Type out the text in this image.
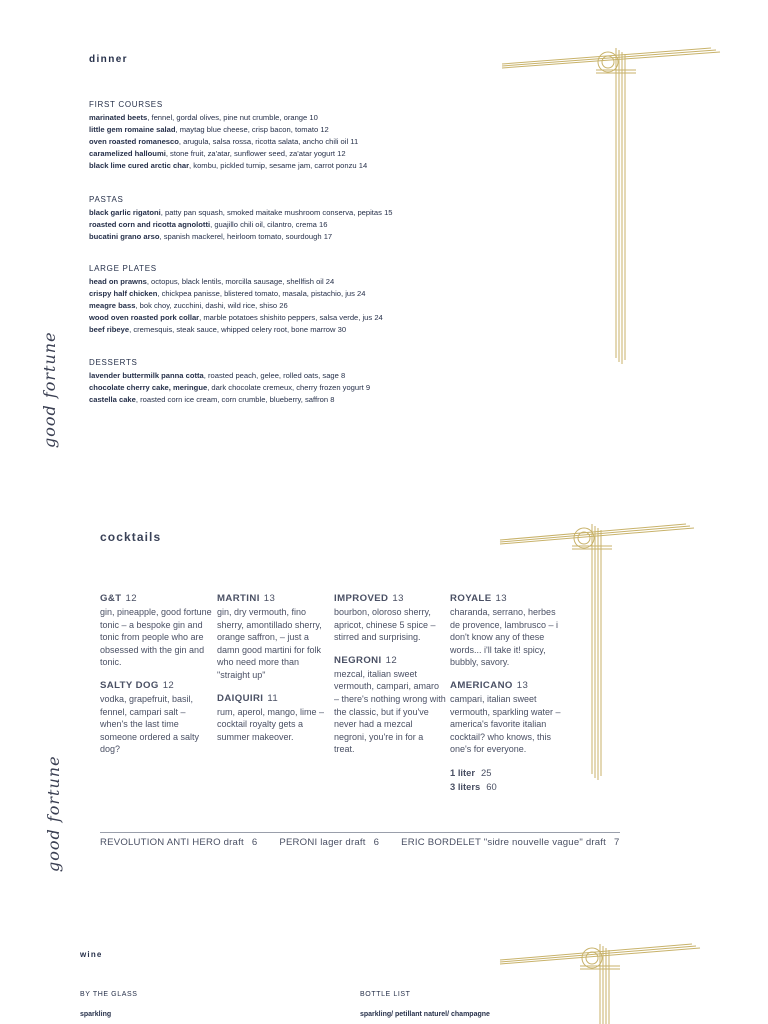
good fortune
good fortune
dinner
FIRST COURSES
marinated beets, fennel, gordal olives, pine nut crumble, orange 10
little gem romaine salad, maytag blue cheese, crisp bacon, tomato 12
oven roasted romanesco, arugula, salsa rossa, ricotta salata, ancho chili oil 11
caramelized halloumi, stone fruit, za'atar, sunflower seed, za'atar yogurt 12
black lime cured arctic char, kombu, pickled turnip, sesame jam, carrot ponzu 14
PASTAS
black garlic rigatoni, patty pan squash, smoked maitake mushroom conserva, pepitas 15
roasted corn and ricotta agnolotti, guajillo chili oil, cilantro, crema 16
bucatini grano arso, spanish mackerel, heirloom tomato, sourdough 17
LARGE PLATES
head on prawns, octopus, black lentils, morcilla sausage, shellfish oil 24
crispy half chicken, chickpea panisse, blistered tomato, masala, pistachio, jus 24
meagre bass, bok choy, zucchini, dashi, wild rice, shiso 26
wood oven roasted pork collar, marble potatoes shishito peppers, salsa verde, jus 24
beef ribeye, cremesquis, steak sauce, whipped celery root, bone marrow 30
DESSERTS
lavender buttermilk panna cotta, roasted peach, gelee, rolled oats, sage 8
chocolate cherry cake, meringue, dark chocolate cremeux, cherry frozen yogurt 9
castella cake, roasted corn ice cream, corn crumble, blueberry, saffron 8
cocktails
G&T 12
gin, pineapple, good fortune tonic – a bespoke gin and tonic from people who are obsessed with the gin and tonic.
SALTY DOG 12
vodka, grapefruit, basil, fennel, campari salt – when's the last time someone ordered a salty dog?
MARTINI 13
gin, dry vermouth, fino sherry, amontillado sherry, orange saffron, – just a damn good martini for folk who need more than "straight up"
DAIQUIRI 11
rum, aperol, mango, lime – cocktail royalty gets a summer makeover.
IMPROVED 13
bourbon, oloroso sherry, apricot, chinese 5 spice – stirred and surprising.
NEGRONI 12
mezcal, italian sweet vermouth, campari, amaro – there's nothing wrong with the classic, but if you've never had a mezcal negroni, you're in for a treat.
ROYALE 13
charanda, serrano, herbes de provence, lambrusco – i don't know any of these words... i'll take it! spicy, bubbly, savory.
AMERICANO 13
campari, italian sweet vermouth, sparkling water – america's favorite italian cocktail? who knows, this one's for everyone.
1 liter 25
3 liters 60
REVOLUTION ANTI HERO draft 6 PERONI lager draft 6 ERIC BORDELET "sidre nouvelle vague" draft 7
wine
BY THE GLASS	BOTTLE LIST
sparkling	sparkling/ petillant naturel/ champagne
